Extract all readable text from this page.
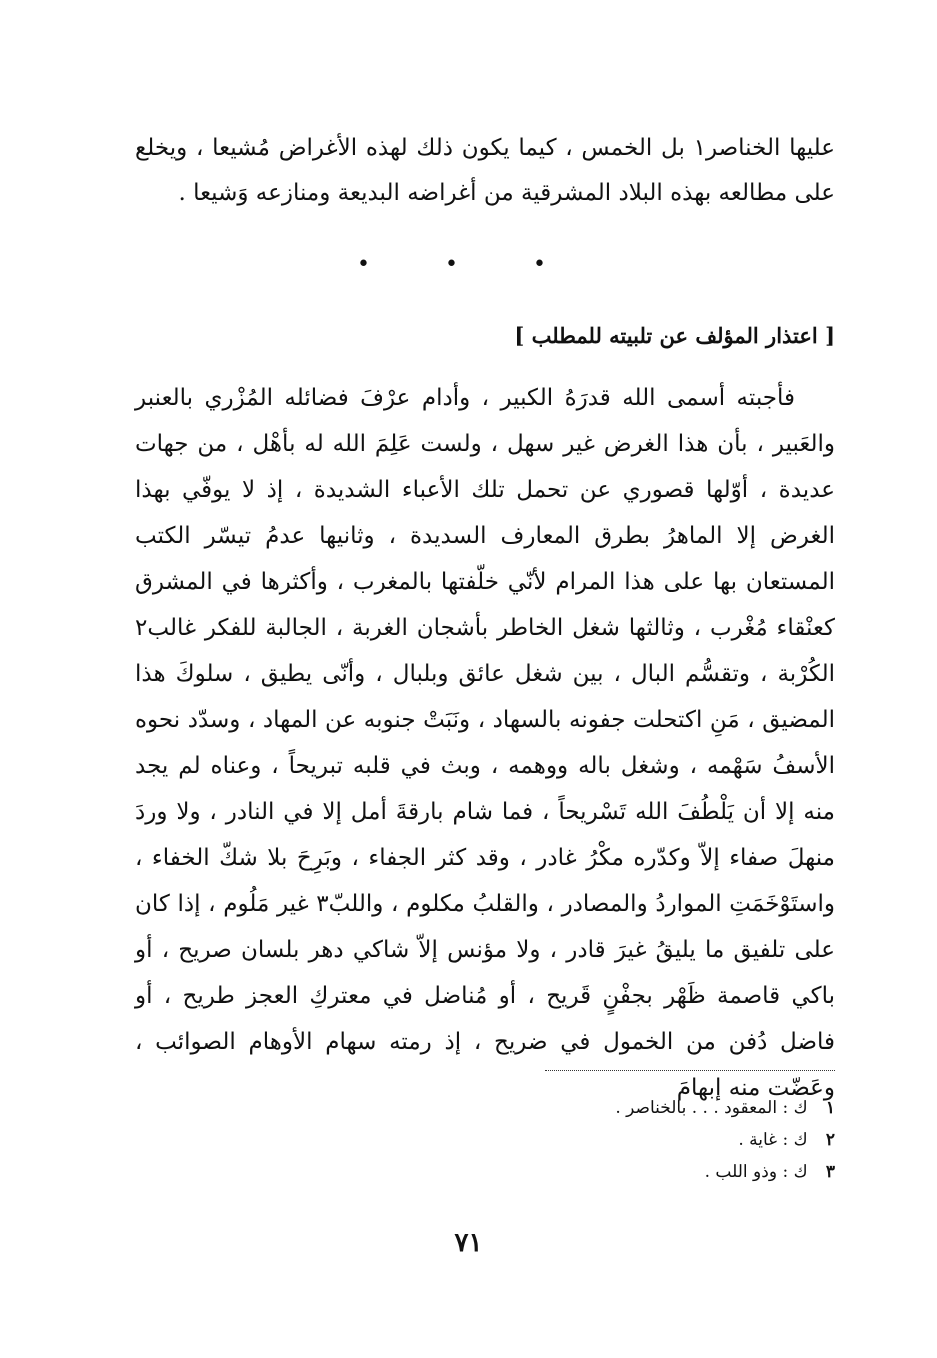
عليها الخناصر١ بل الخمس ، كيما يكون ذلك لهذه الأغراض مُشيعا ، ويخلع على مطالعه بهذه البلاد المشرقية من أغراضه البديعة ومنازعه وَشيعا .

• • •
[ اعتذار المؤلف عن تلبيته للمطلب ]

فأجبته أسمى الله قدرَهُ الكبير ، وأدام عرْفَ فضائله المُزْري بالعنبر والعَبير ، بأن هذا الغرض غير سهل ، ولست عَلِمَ الله له بأهْل ، من جهات عديدة ، أوّلها قصوري عن تحمل تلك الأعباء الشديدة ، إذ لا يوفّي بهذا الغرض إلا الماهرُ بطرق المعارف السديدة ، وثانيها عدمُ تيسّر الكتب المستعان بها على هذا المرام لأنّي خلّفتها بالمغرب ، وأكثرها في المشرق كعنْقاء مُغْرب ، وثالثها شغل الخاطر بأشجان الغربة ، الجالبة للفكر غالب٢ الكُرْبة ، وتقسُّم البال ، بين شغل عائق وبلبال ، وأنّى يطيق ، سلوكَ هذا المضيق ، مَنِ اكتحلت جفونه بالسهاد ، ونَبَتْ جنوبه عن المهاد ، وسدّد نحوه الأسفُ سَهْمه ، وشغل باله ووهمه ، وبث في قلبه تبريحاً ، وعناه لم يجد منه إلا أن يَلْطُفَ الله تَسْريحاً ، فما شام بارقةَ أمل إلا في النادر ، ولا وردَ منهلَ صفاء إلاّ وكدّره مكْرُ غادر ، وقد كثر الجفاء ، وبَرِحَ بلا شكّ الخفاء ، واستَوْخَمَتِ المواردُ والمصادر ، والقلبُ مكلوم ، واللبّ٣ غير مَلُوم ، إذا كان على تلفيق ما يليقُ غيرَ قادر ، ولا مؤنس إلاّ شاكي دهر بلسان صريح ، أو باكي قاصمة ظَهْر بجفْنٍ قَريح ، أو مُناضل في معتركِ العجز طريح ، أو فاضل دُفن من الخمول في ضريح ، إذ رمته سهام الأوهام الصوائب ، وعَضّت منه إبهامَ

١ ك : المعقود . . . بالخناصر .
٢ ك : غاية .
٣ ك : وذو اللب .
٧١
